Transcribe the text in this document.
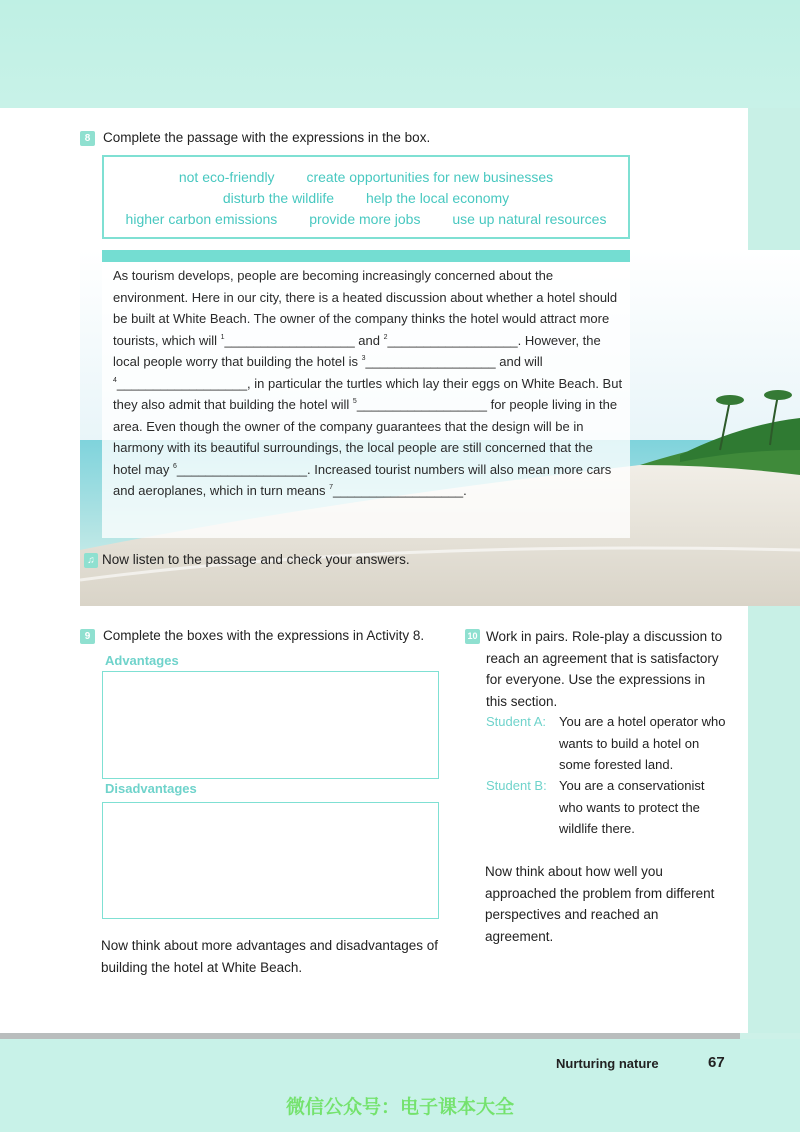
8 Complete the passage with the expressions in the box.
not eco-friendly create opportunities for new businesses
disturb the wildlife help the local economy
higher carbon emissions provide more jobs use up natural resources
As tourism develops, people are becoming increasingly concerned about the environment. Here in our city, there is a heated discussion about whether a hotel should be built at White Beach. The owner of the company thinks the hotel would attract more tourists, which will $^1$__________________ and $^2$__________________. However, the local people worry that building the hotel is $^3$__________________ and will $^4$__________________, in particular the turtles which lay their eggs on White Beach. But they also admit that building the hotel will $^5$__________________ for people living in the area. Even though the owner of the company guarantees that the design will be in harmony with its beautiful surroundings, the local people are still concerned that the hotel may $^6$__________________. Increased tourist numbers will also mean more cars and aeroplanes, which in turn means $^7$__________________.
♫ Now listen to the passage and check your answers.
9 Complete the boxes with the expressions in Activity 8.
Advantages
Disadvantages
Now think about more advantages and disadvantages of building the hotel at White Beach.
10 Work in pairs. Role-play a discussion to reach an agreement that is satisfactory for everyone. Use the expressions in this section.
Student A:	You are a hotel operator who wants to build a hotel on some forested land.
Student B: You are a conservationist who wants to protect the wildlife there.
Now think about how well you approached the problem from different perspectives and reached an agreement.
Nurturing nature	67
微信公众号：电子课本大全
